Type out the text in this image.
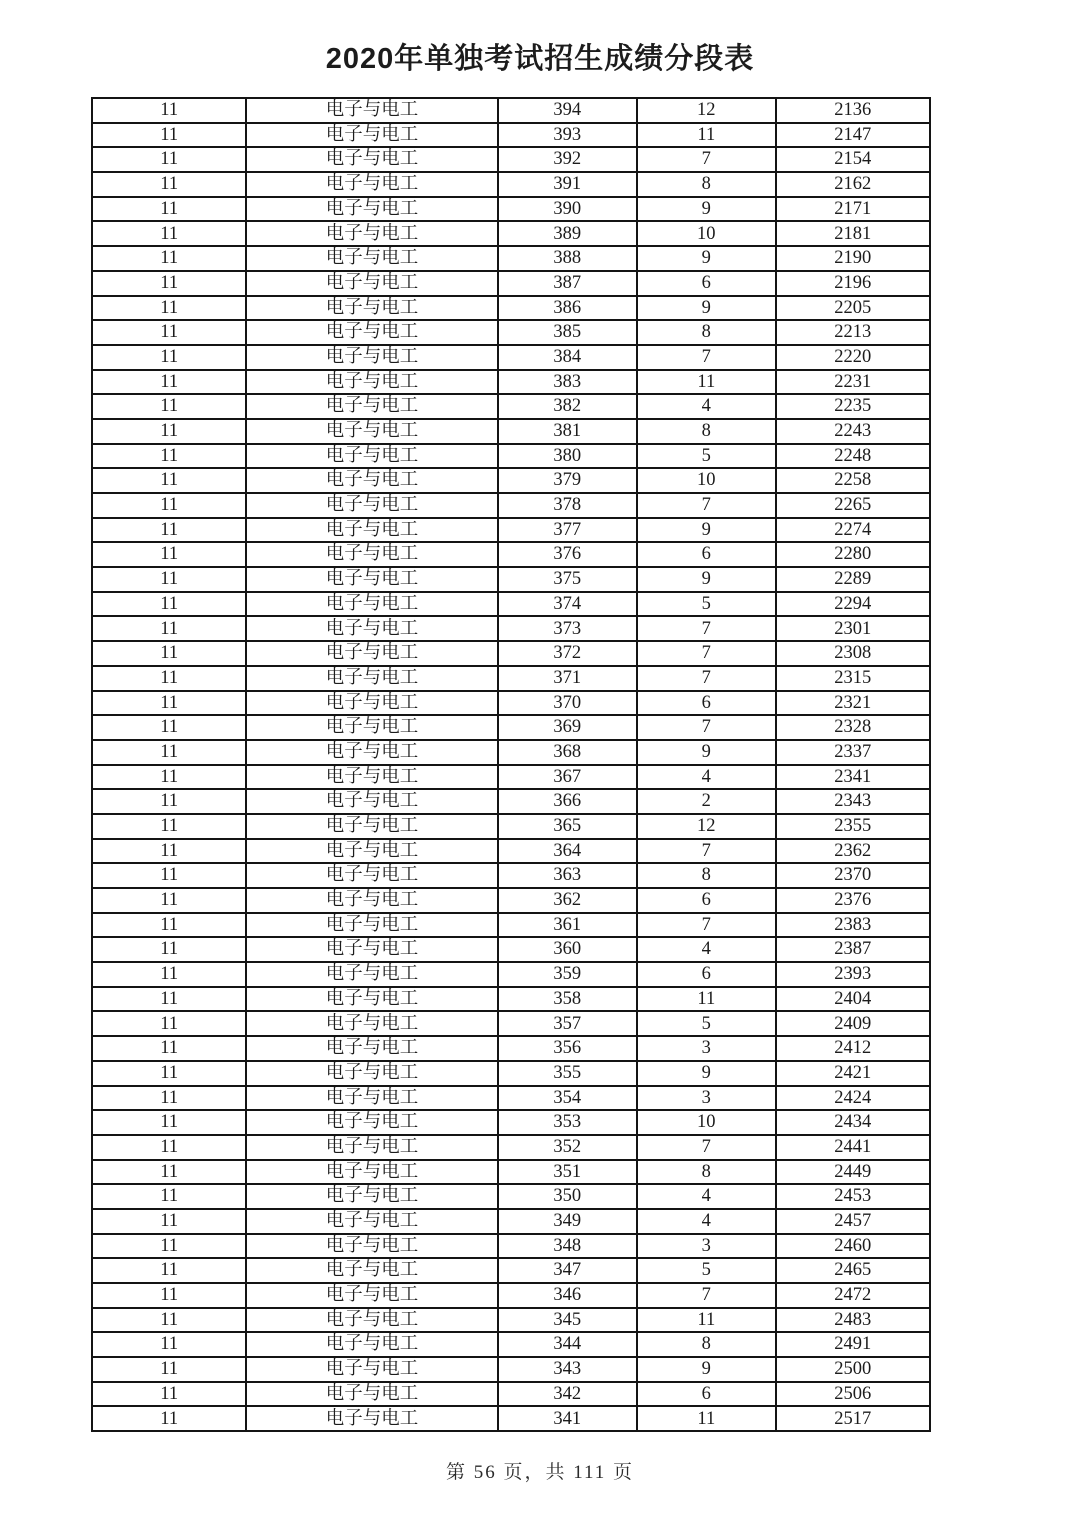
2020年单独考试招生成绩分段表
11	电子与电工	394	12	2136
11	电子与电工	393	11	2147
11	电子与电工	392	7	2154
11	电子与电工	391	8	2162
11	电子与电工	390	9	2171
11	电子与电工	389	10	2181
11	电子与电工	388	9	2190
11	电子与电工	387	6	2196
11	电子与电工	386	9	2205
11	电子与电工	385	8	2213
11	电子与电工	384	7	2220
11	电子与电工	383	11	2231
11	电子与电工	382	4	2235
11	电子与电工	381	8	2243
11	电子与电工	380	5	2248
11	电子与电工	379	10	2258
11	电子与电工	378	7	2265
11	电子与电工	377	9	2274
11	电子与电工	376	6	2280
11	电子与电工	375	9	2289
11	电子与电工	374	5	2294
11	电子与电工	373	7	2301
11	电子与电工	372	7	2308
11	电子与电工	371	7	2315
11	电子与电工	370	6	2321
11	电子与电工	369	7	2328
11	电子与电工	368	9	2337
11	电子与电工	367	4	2341
11	电子与电工	366	2	2343
11	电子与电工	365	12	2355
11	电子与电工	364	7	2362
11	电子与电工	363	8	2370
11	电子与电工	362	6	2376
11	电子与电工	361	7	2383
11	电子与电工	360	4	2387
11	电子与电工	359	6	2393
11	电子与电工	358	11	2404
11	电子与电工	357	5	2409
11	电子与电工	356	3	2412
11	电子与电工	355	9	2421
11	电子与电工	354	3	2424
11	电子与电工	353	10	2434
11	电子与电工	352	7	2441
11	电子与电工	351	8	2449
11	电子与电工	350	4	2453
11	电子与电工	349	4	2457
11	电子与电工	348	3	2460
11	电子与电工	347	5	2465
11	电子与电工	346	7	2472
11	电子与电工	345	11	2483
11	电子与电工	344	8	2491
11	电子与电工	343	9	2500
11	电子与电工	342	6	2506
11	电子与电工	341	11	2517
第 56 页，共 111 页
